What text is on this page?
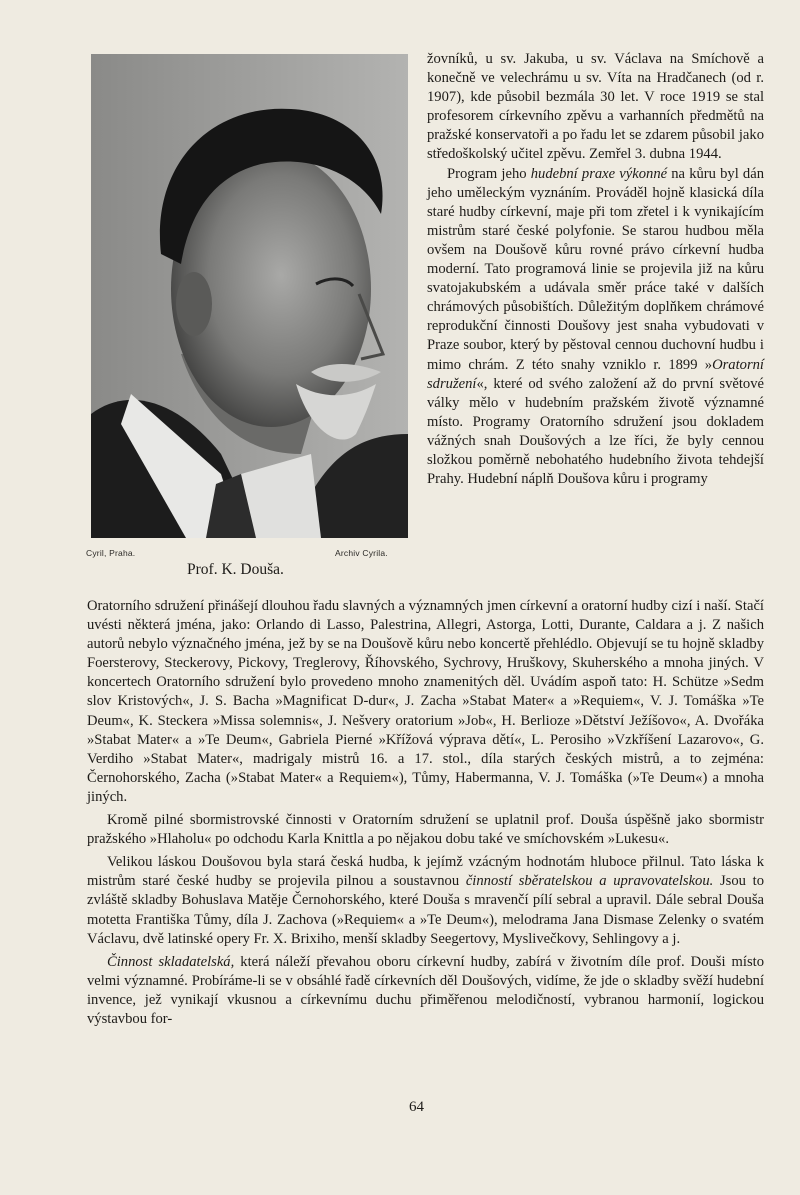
Cyril, Praha.	Archiv Cyrila.
Prof. K. Douša.

žovníků, u sv. Jakuba, u sv. Václava na Smíchově a konečně ve velechrámu u sv. Víta na Hradčanech (od r. 1907), kde působil bezmála 30 let. V roce 1919 se stal profesorem církevního zpěvu a varhanních předmětů na pražské konservatoři a po řadu let se zdarem působil jako středoškolský učitel zpěvu. Zemřel 3. dubna 1944.

Program jeho hudební praxe výkonné na kůru byl dán jeho uměleckým vyznáním. Prováděl hojně klasická díla staré hudby církevní, maje při tom zřetel i k vynikajícím mistrům staré české polyfonie. Se starou hudbou měla ovšem na Doušově kůru rovné právo církevní hudba moderní. Tato programová linie se projevila již na kůru svatojakubském a udávala směr práce také v dalších chrámových působištích. Důležitým doplňkem chrámové reprodukční činnosti Doušovy jest snaha vybudovati v Praze soubor, který by pěstoval cennou duchovní hudbu i mimo chrám. Z této snahy vzniklo r. 1899 »Oratorní sdružení«, které od svého založení až do první světové války mělo v hudebním pražském životě významné místo. Programy Oratorního sdružení jsou dokladem vážných snah Doušových a lze říci, že byly cennou složkou poměrně nebohatého hudebního života tehdejší Prahy. Hudební náplň Doušova kůru i programy

Oratorního sdružení přinášejí dlouhou řadu slavných a významných jmen církevní a oratorní hudby cizí i naší. Stačí uvésti některá jména, jako: Orlando di Lasso, Palestrina, Allegri, Astorga, Lotti, Durante, Caldara a j. Z našich autorů nebylo význačného jména, jež by se na Doušově kůru nebo koncertě přehlédlo. Objevují se tu hojně skladby Foersterovy, Steckerovy, Pickovy, Treglerovy, Říhovského, Sychrovy, Hruškovy, Skuherského a mnoha jiných. V koncertech Oratorního sdružení bylo provedeno mnoho znamenitých děl. Uvádím aspoň tato: H. Schütze »Sedm slov Kristových«, J. S. Bacha »Magnificat D-dur«, J. Zacha »Stabat Mater« a »Requiem«, V. J. Tomáška »Te Deum«, K. Steckera »Missa solemnis«, J. Nešvery oratorium »Job«, H. Berlioze »Dětství Ježíšovo«, A. Dvořáka »Stabat Mater« a »Te Deum«, Gabriela Pierné »Křížová výprava dětí«, L. Perosiho »Vzkříšení Lazarovo«, G. Verdiho »Stabat Mater«, madrigaly mistrů 16. a 17. stol., díla starých českých mistrů, a to zejména: Černohorského, Zacha (»Stabat Mater« a Requiem«), Tůmy, Habermanna, V. J. Tomáška (»Te Deum«) a mnoha jiných.

Kromě pilné sbormistrovské činnosti v Oratorním sdružení se uplatnil prof. Douša úspěšně jako sbormistr pražského »Hlaholu« po odchodu Karla Knittla a po nějakou dobu také ve smíchovském »Lukesu«.

Velikou láskou Doušovou byla stará česká hudba, k jejímž vzácným hodnotám hluboce přilnul. Tato láska k mistrům staré české hudby se projevila pilnou a soustavnou činností sběratelskou a upravovatelskou. Jsou to zvláště skladby Bohuslava Matěje Černohorského, které Douša s mravenčí pílí sebral a upravil. Dále sebral Douša motetta Františka Tůmy, díla J. Zachova (»Requiem« a »Te Deum«), melodrama Jana Dismase Zelenky o svatém Václavu, dvě latinské opery Fr. X. Brixiho, menší skladby Seegertovy, Myslivečkovy, Sehlingovy a j.

Činnost skladatelská, která náleží převahou oboru církevní hudby, zabírá v životním díle prof. Douši místo velmi významné. Probíráme-li se v obsáhlé řadě církevních děl Doušových, vidíme, že jde o skladby svěží hudební invence, jež vynikají vkusnou a církevnímu duchu přiměřenou melodičností, vybranou harmonií, logickou výstavbou for-

64
